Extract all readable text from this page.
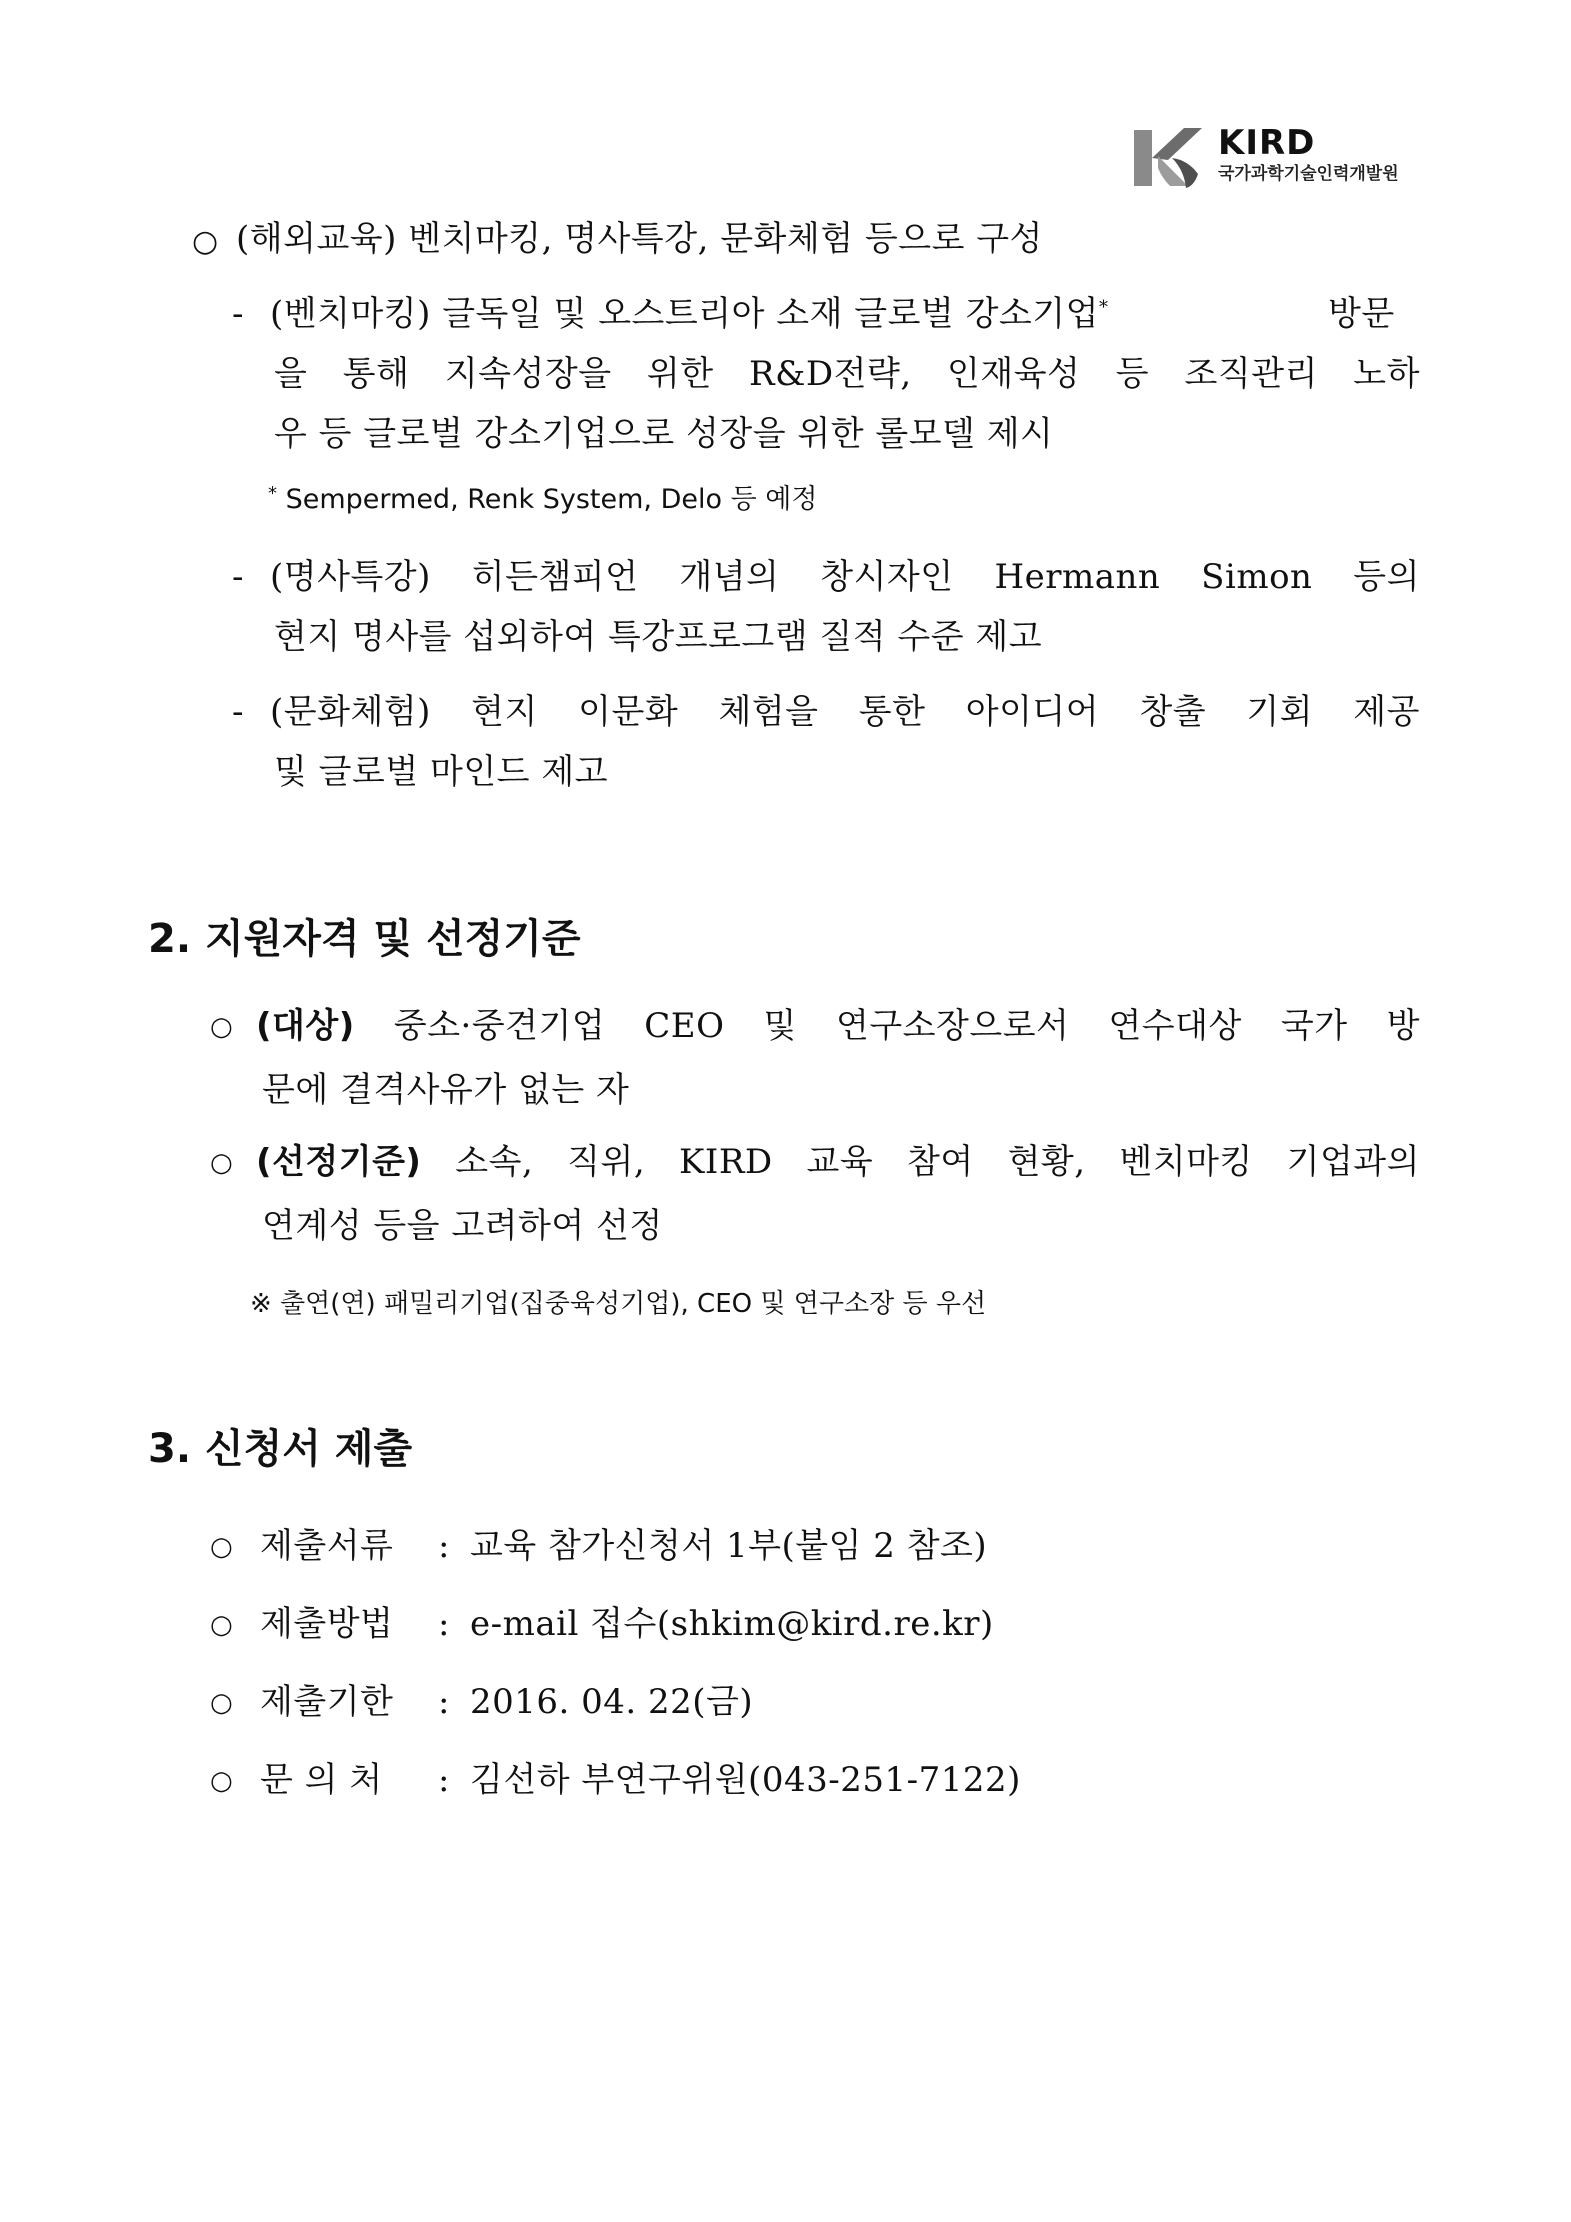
KIRD
국가과학기술인력개발원
○ (해외교육) 벤치마킹, 명사특강, 문화체험 등으로 구성
- (벤치마킹) 글독일 및 오스트리아 소재 글로벌 강소기업*	방문
을 통해 지속성장을 위한 R&D전략, 인재육성 등 조직관리 노하
우 등 글로벌 강소기업으로 성장을 위한 롤모델 제시
* Sempermed, Renk System, Delo 등 예정
- (명사특강) 히든챔피언 개념의 창시자인 Hermann Simon 등의
현지 명사를 섭외하여 특강프로그램 질적 수준 제고
- (문화체험) 현지 이문화 체험을 통한 아이디어 창출 기회 제공
및 글로벌 마인드 제고
2. 지원자격 및 선정기준
○ (대상) 중소·중견기업 CEO 및 연구소장으로서 연수대상 국가 방
문에 결격사유가 없는 자
○ (선정기준) 소속, 직위, KIRD 교육 참여 현황, 벤치마킹 기업과의
연계성 등을 고려하여 선정
※ 출연(연) 패밀리기업(집중육성기업), CEO 및 연구소장 등 우선
3. 신청서 제출
○ 제출서류 : 교육 참가신청서 1부(붙임 2 참조)
○ 제출방법 : e-mail 접수(shkim@kird.re.kr)
○ 제출기한 : 2016. 04. 22(금)
○ 문 의 처 : 김선하 부연구위원(043-251-7122)
